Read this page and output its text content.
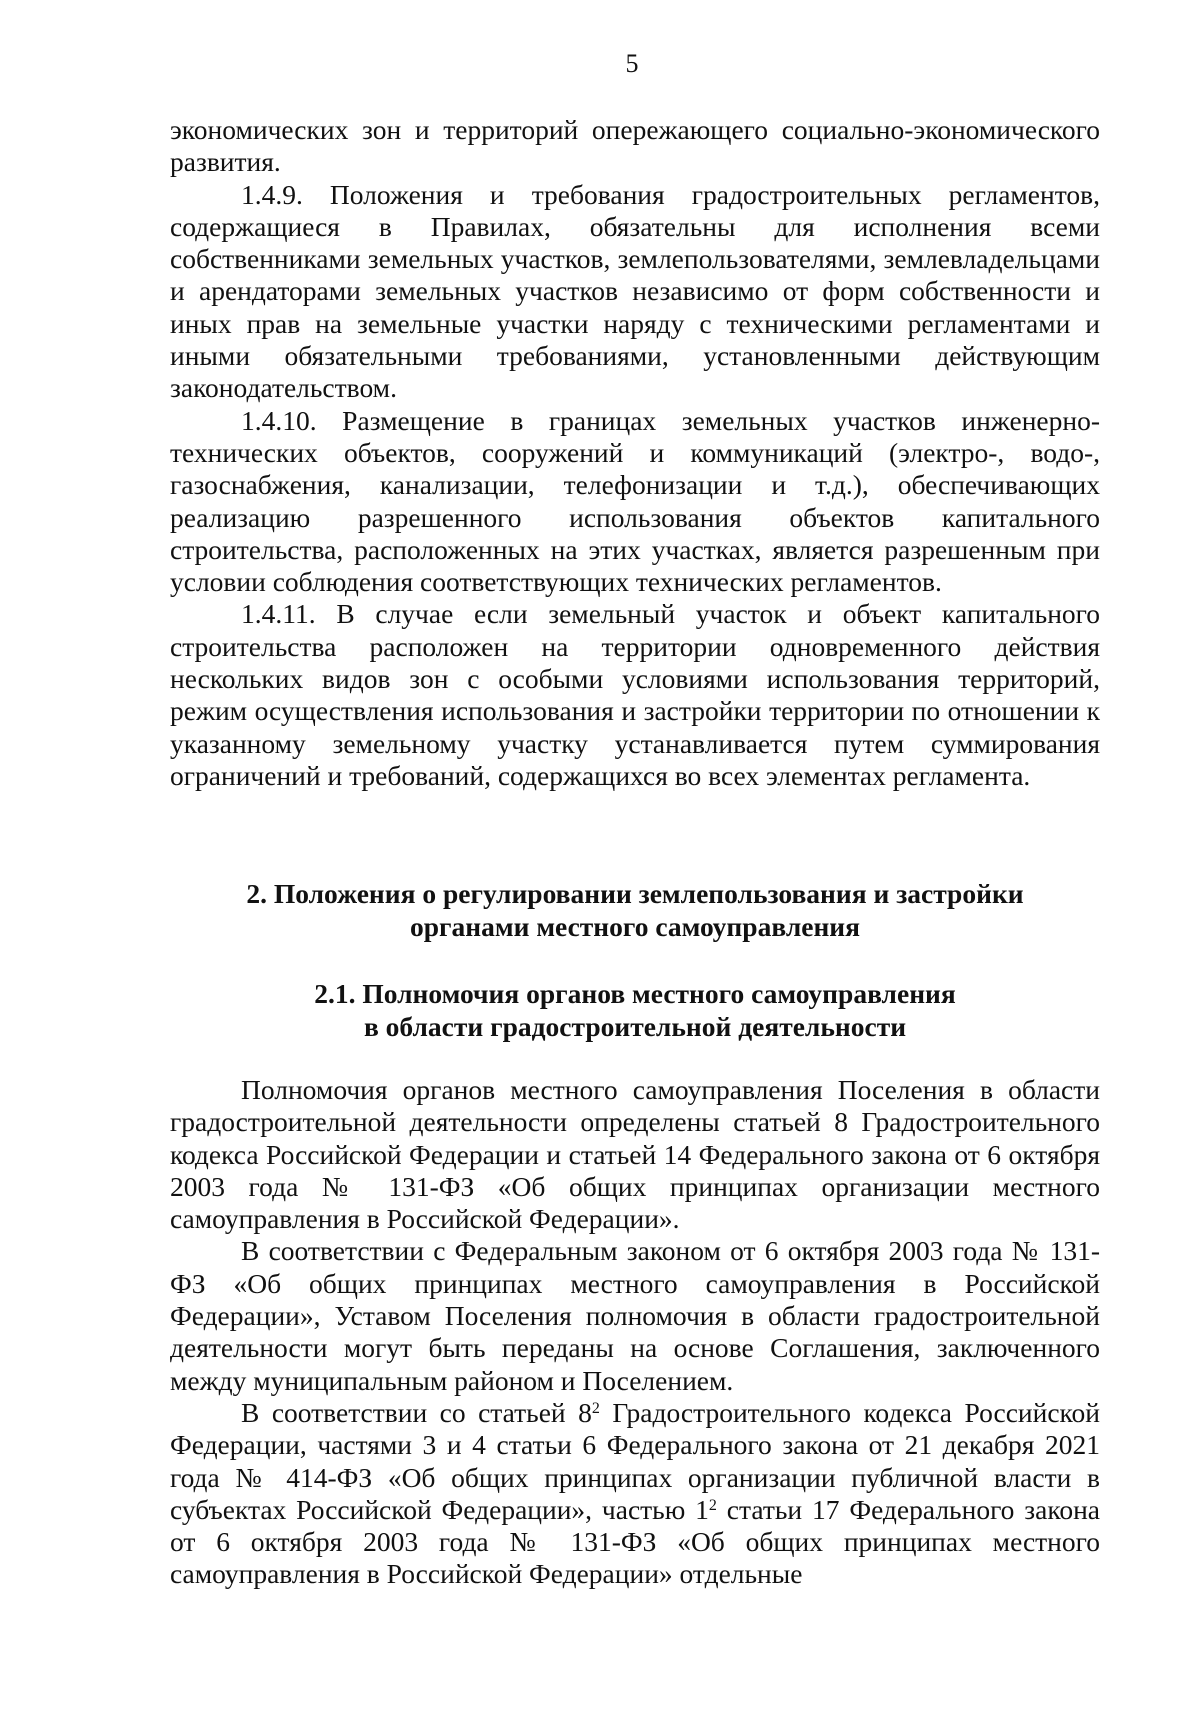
5

экономических зон и территорий опережающего социально-экономического развития.

1.4.9. Положения и требования градостроительных регламентов, содержащиеся в Правилах, обязательны для исполнения всеми собственниками земельных участков, землепользователями, землевладельцами и арендаторами земельных участков независимо от форм собственности и иных прав на земельные участки наряду с техническими регламентами и иными обязательными требованиями, установленными действующим законодательством.

1.4.10. Размещение в границах земельных участков инженерно-технических объектов, сооружений и коммуникаций (электро-, водо-, газоснабжения, канализации, телефонизации и т.д.), обеспечивающих реализацию разрешенного использования объектов капитального строительства, расположенных на этих участках, является разрешенным при условии соблюдения соответствующих технических регламентов.

1.4.11. В случае если земельный участок и объект капитального строительства расположен на территории одновременного действия нескольких видов зон с особыми условиями использования территорий, режим осуществления использования и застройки территории по отношении к указанному земельному участку устанавливается путем суммирования ограничений и требований, содержащихся во всех элементах регламента.

2. Положения о регулировании землепользования и застройки
органами местного самоуправления
2.1. Полномочия органов местного самоуправления
в области градостроительной деятельности

Полномочия органов местного самоуправления Поселения в области градостроительной деятельности определены статьей 8 Градостроительного кодекса Российской Федерации и статьей 14 Федерального закона от 6 октября 2003 года № 131-ФЗ «Об общих принципах организации местного самоуправления в Российской Федерации».

В соответствии с Федеральным законом от 6 октября 2003 года № 131-ФЗ «Об общих принципах местного самоуправления в Российской Федерации», Уставом Поселения полномочия в области градостроительной деятельности могут быть переданы на основе Соглашения, заключенного между муниципальным районом и Поселением.

В соответствии со статьей $8^2$ Градостроительного кодекса Российской Федерации, частями 3 и 4 статьи 6 Федерального закона от 21 декабря 2021 года № 414-ФЗ «Об общих принципах организации публичной власти в субъектах Российской Федерации», частью $1^2$ статьи 17 Федерального закона от 6 октября 2003 года № 131-ФЗ «Об общих принципах местного самоуправления в Российской Федерации» отдельные
